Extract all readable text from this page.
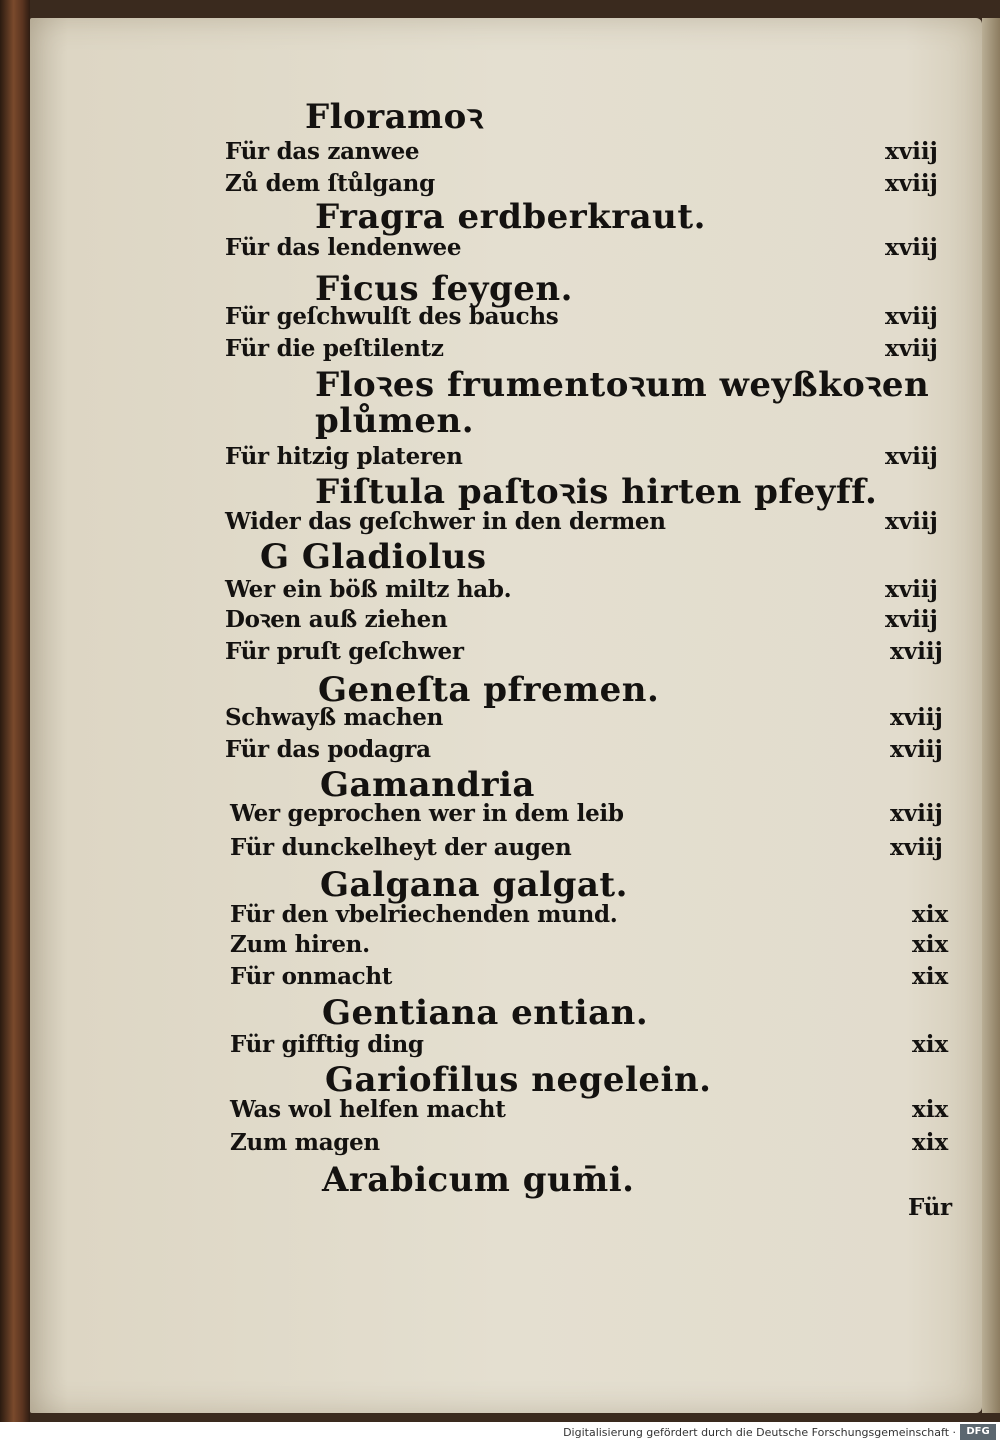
Floramoꝛ
Für das zanwee	xviij
Zů dem ſtůlgang	xviij
Fragra erdberkraut.
Für das lendenwee	xviij
Ficus feygen.
Für geſchwulſt des bauchs	xviij
Für die peſtilentz	xviij
Floꝛes frumentoꝛum weyßkoꝛen
plůmen.
Für hitzig plateren	xviij
Fiſtula paſtoꝛis hirten pfeyff.
Wider das geſchwer in den dermen	xviij
G Gladiolus
Wer ein böß miltz hab.	xviij
Doꝛen auß ziehen	xviij
Für pruſt geſchwer	xviij
Geneſta pfremen.
Schwayß machen	xviij
Für das podagra	xviij
Gamandria
Wer geprochen wer in dem leib	xviij
Für dunckelheyt der augen	xviij
Galgana galgat.
Für den vbelriechenden mund.	xix
Zum hiren.	xix
Für onmacht	xix
Gentiana entian.
Für gifftig ding	xix
Gariofilus negelein.
Was wol helfen macht	xix
Zum magen	xix
Arabicum gum̄i.
Für
Digitalisierung gefördert durch die Deutsche Forschungsgemeinschaft ·	DFG
